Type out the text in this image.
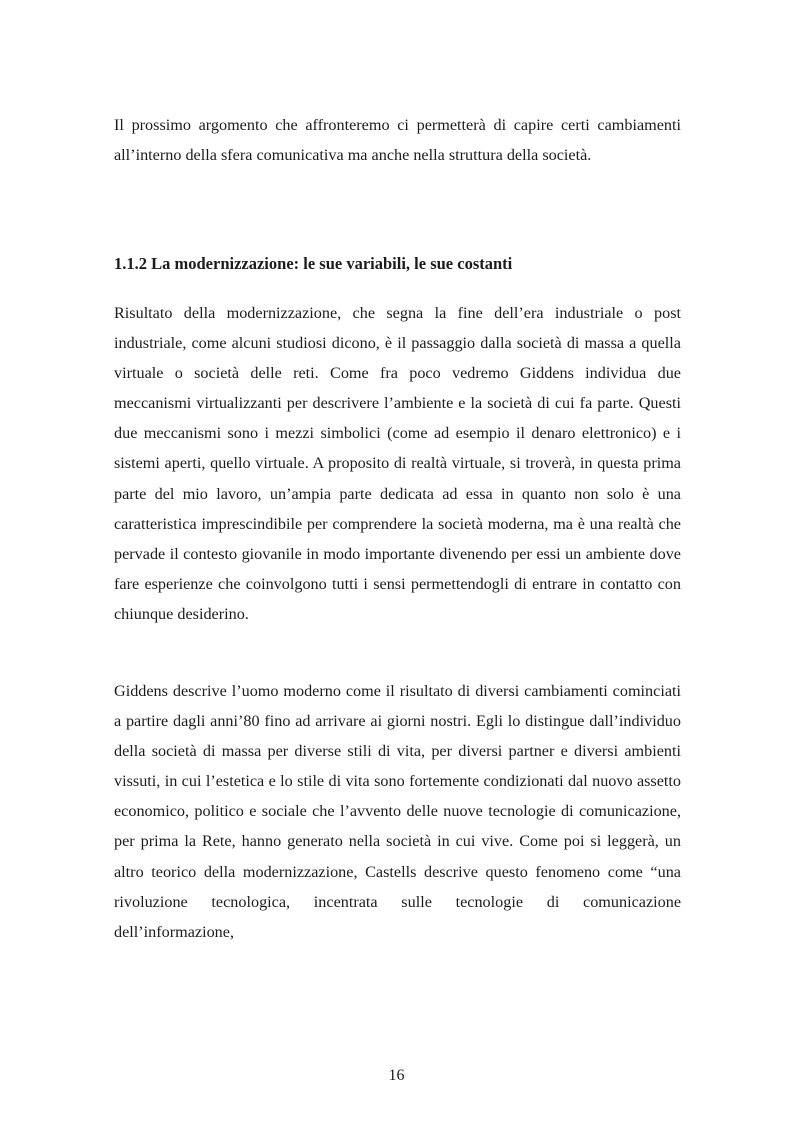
Il prossimo argomento che affronteremo ci permetterà di capire certi cambiamenti all’interno della sfera comunicativa ma anche nella struttura della società.

1.1.2 La modernizzazione: le sue variabili, le sue costanti

Risultato della modernizzazione, che segna la fine dell’era industriale o post industriale, come alcuni studiosi dicono, è il passaggio dalla società di massa a quella virtuale o società delle reti. Come fra poco vedremo Giddens individua due meccanismi virtualizzanti per descrivere l’ambiente e la società di cui fa parte. Questi due meccanismi sono i mezzi simbolici (come ad esempio il denaro elettronico) e i sistemi aperti, quello virtuale. A proposito di realtà virtuale, si troverà, in questa prima parte del mio lavoro, un’ampia parte dedicata ad essa in quanto non solo è una caratteristica imprescindibile per comprendere la società moderna, ma è una realtà che pervade il contesto giovanile in modo importante divenendo per essi un ambiente dove fare esperienze che coinvolgono tutti i sensi permettendogli di entrare in contatto con chiunque desiderino.

Giddens descrive l’uomo moderno come il risultato di diversi cambiamenti cominciati a partire dagli anni’80 fino ad arrivare ai giorni nostri. Egli lo distingue dall’individuo della società di massa per diverse stili di vita, per diversi partner e diversi ambienti vissuti, in cui l’estetica e lo stile di vita sono fortemente condizionati dal nuovo assetto economico, politico e sociale che l’avvento delle nuove tecnologie di comunicazione, per prima la Rete, hanno generato nella società in cui vive. Come poi si leggerà, un altro teorico della modernizzazione, Castells descrive questo fenomeno come “una rivoluzione tecnologica, incentrata sulle tecnologie di comunicazione dell’informazione,

16
